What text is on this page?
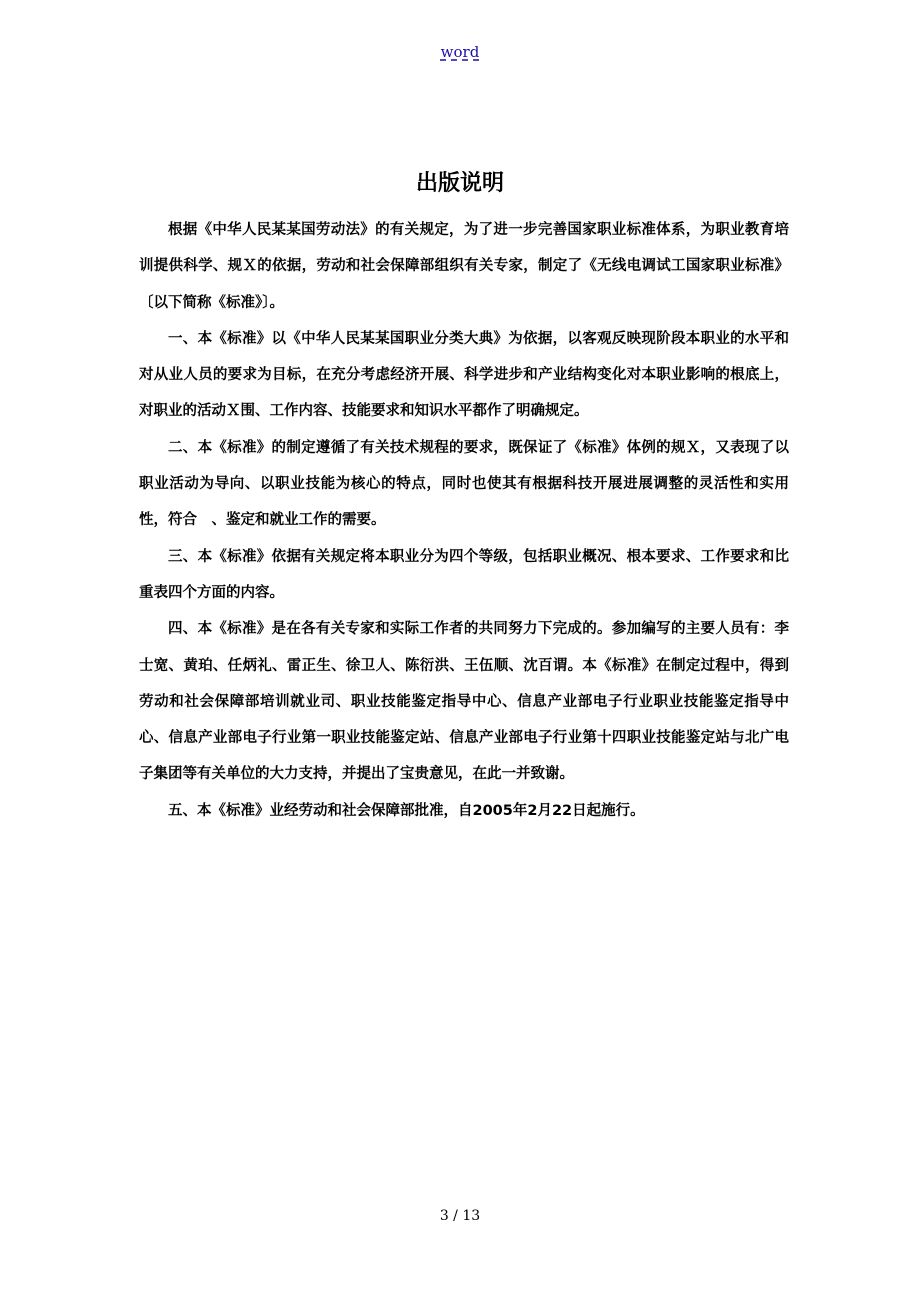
word
出版说明

根据《中华人民某某国劳动法》的有关规定，为了进一步完善国家职业标准体系，为职业教育培训提供科学、规Ｘ的依据，劳动和社会保障部组织有关专家，制定了《无线电调试工国家职业标准》〔以下简称《标准》〕。

一、本《标准》以《中华人民某某国职业分类大典》为依据，以客观反映现阶段本职业的水平和对从业人员的要求为目标，在充分考虑经济开展、科学进步和产业结构变化对本职业影响的根底上，对职业的活动Ｘ围、工作内容、技能要求和知识水平都作了明确规定。

二、本《标准》的制定遵循了有关技术规程的要求，既保证了《标准》体例的规Ｘ，又表现了以职业活动为导向、以职业技能为核心的特点，同时也使其有根据科技开展进展调整的灵活性和实用性，符合　、鉴定和就业工作的需要。

三、本《标准》依据有关规定将本职业分为四个等级，包括职业概况、根本要求、工作要求和比重表四个方面的内容。

四、本《标准》是在各有关专家和实际工作者的共同努力下完成的。参加编写的主要人员有：李士宽、黄珀、任炳礼、雷正生、徐卫人、陈衍洪、王伍顺、沈百谓。本《标准》在制定过程中，得到劳动和社会保障部培训就业司、职业技能鉴定指导中心、信息产业部电子行业职业技能鉴定指导中心、信息产业部电子行业第一职业技能鉴定站、信息产业部电子行业第十四职业技能鉴定站与北广电子集团等有关单位的大力支持，并提出了宝贵意见，在此一并致谢。

五、本《标准》业经劳动和社会保障部批准，自2005年2月22日起施行。

3 / 13
